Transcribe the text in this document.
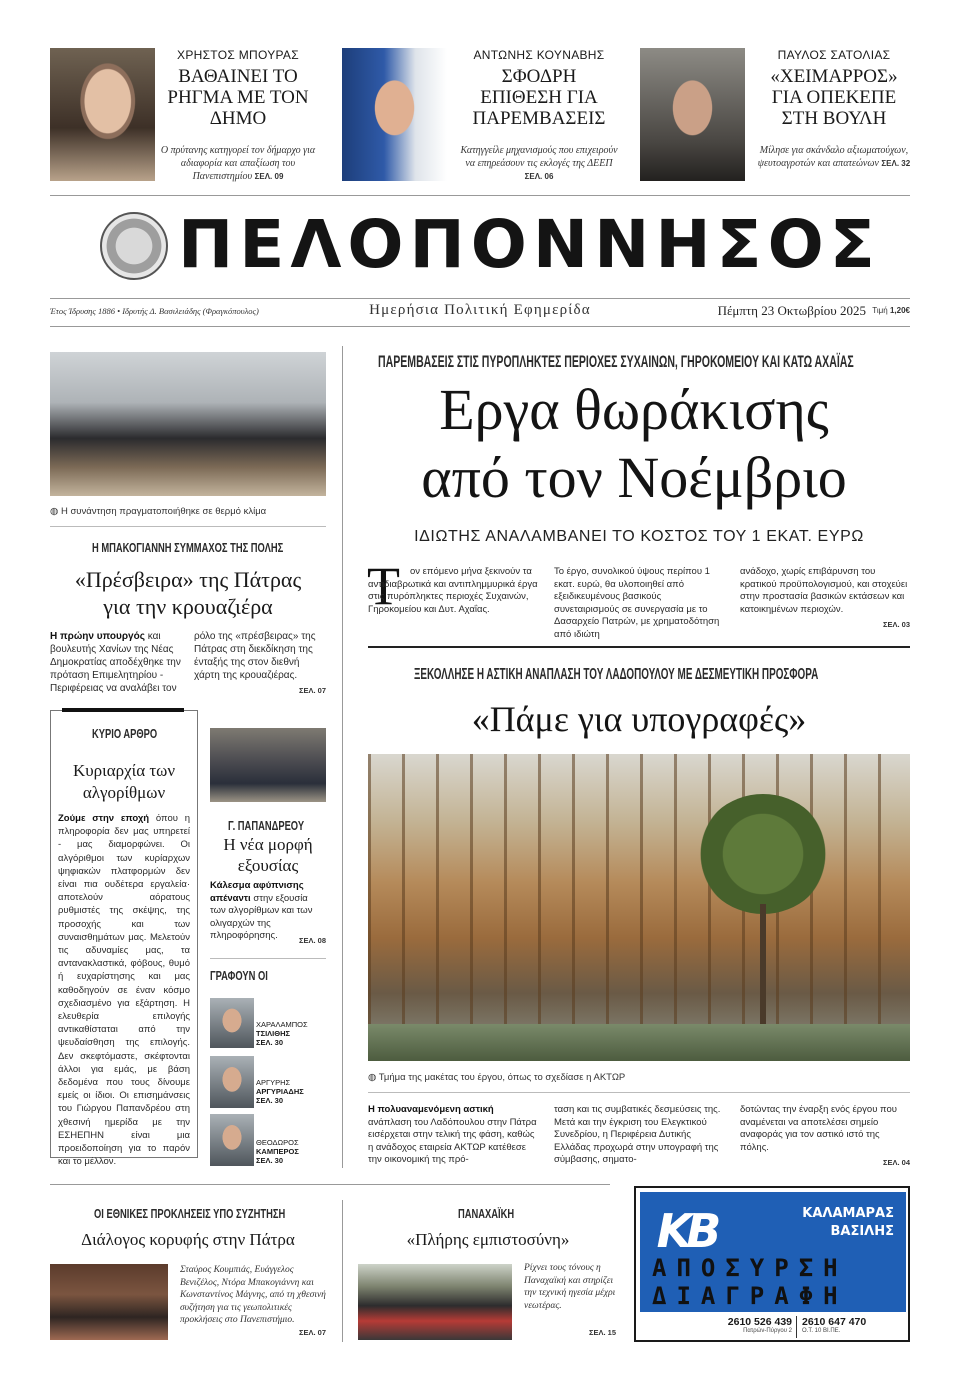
ΧΡΗΣΤΟΣ ΜΠΟΥΡΑΣ
ΒΑΘΑΙΝΕΙ ΤΟ ΡΗΓΜΑ ΜΕ ΤΟΝ ΔΗΜΟ
Ο πρύτανης κατηγορεί τον δήμαρχο για αδιαφορία και απαξίωση του Πανεπιστημίου ΣΕΛ. 09
ΑΝΤΩΝΗΣ ΚΟΥΝΑΒΗΣ
ΣΦΟΔΡΗ ΕΠΙΘΕΣΗ ΓΙΑ ΠΑΡΕΜΒΑΣΕΙΣ
Κατηγγείλε μηχανισμούς που επιχειρούν να επηρεάσουν τις εκλογές της ΔΕΕΠ ΣΕΛ. 06
ΠΑΥΛΟΣ ΣΑΤΟΛΙΑΣ
«ΧΕΙΜΑΡΡΟΣ» ΓΙΑ ΟΠΕΚΕΠΕ ΣΤΗ ΒΟΥΛΗ
Μίλησε για σκάνδαλο αξιωματούχων, ψευτοαγροτών και απατεώνων ΣΕΛ. 32
ΠΕΛΟΠΟΝΝΗΣΟΣ
Έτος Ίδρυσης 1886 • Ιδρυτής Δ. Βασιλειάδης (Φραγκόπουλος)	Ημερήσια Πολιτική Εφημερίδα	Πέμπτη 23 Οκτωβρίου 2025 Τιμή 1,20€
◍ Η συνάντηση πραγματοποιήθηκε σε θερμό κλίμα
Η ΜΠΑΚΟΓΙΑΝΝΗ ΣΥΜΜΑΧΟΣ ΤΗΣ ΠΟΛΗΣ
«Πρέσβειρα» της Πάτρας
για την κρουαζιέρα
Η πρώην υπουργός και βουλευτής Χανίων της Νέας Δημοκρατίας αποδέχθηκε την πρόταση Επιμελητηρίου - Περιφέρειας να αναλάβει τον
ρόλο της «πρέσβειρας» της Πάτρας στη διεκδίκηση της ένταξής της στον διεθνή χάρτη της κρουαζιέρας.
ΣΕΛ. 07
ΚΥΡΙΟ ΑΡΘΡΟ
Κυριαρχία των
αλγορίθμων
Ζούμε στην εποχή όπου η πληροφορία δεν μας υπηρετεί - μας διαμορφώνει. Οι αλγόριθμοι των κυρίαρχων ψηφιακών πλατφορμών δεν είναι πια ουδέτερα εργαλεία· αποτελούν αόρατους ρυθμιστές της σκέψης, της προσοχής και των συναισθημάτων μας. Μελετούν τις αδυναμίες μας, τα αντανακλαστικά, φόβους, θυμό ή ευχαρίστησης και μας καθοδηγούν σε έναν κόσμο σχεδιασμένο για εξάρτηση. Η ελευθερία επιλογής αντικαθίσταται από την ψευδαίσθηση της επιλογής. Δεν σκεφτόμαστε, σκέφτονται άλλοι για εμάς, με βάση δεδομένα που τους δίνουμε εμείς οι ίδιοι. Οι επισημάνσεις του Γιώργου Παπανδρέου στη χθεσινή ημερίδα με την ΕΣΗΕΠΗΝ είναι μια προειδοποίηση για το παρόν και το μέλλον.
Γ. ΠΑΠΑΝΔΡΕΟΥ
Η νέα μορφή
εξουσίας
Κάλεσμα αφύπνισης απέναντι στην εξουσία των αλγορίθμων και των ολιγαρχών της πληροφόρησης.	ΣΕΛ. 08
ΓΡΑΦΟΥΝ ΟΙ
ΧΑΡΑΛΑΜΠΟΣ
ΤΣΙΛΙΘΗΣ
ΣΕΛ. 30
ΑΡΓΥΡΗΣ
ΑΡΓΥΡΙΑΔΗΣ
ΣΕΛ. 30
ΘΕΟΔΩΡΟΣ
ΚΑΜΠΕΡΟΣ
ΣΕΛ. 30
ΠΑΡΕΜΒΑΣΕΙΣ ΣΤΙΣ ΠΥΡΟΠΛΗΚΤΕΣ ΠΕΡΙΟΧΕΣ ΣΥΧΑΙΝΩΝ, ΓΗΡΟΚΟΜΕΙΟΥ ΚΑΙ ΚΑΤΩ ΑΧΑΪΑΣ
Εργα θωράκισης
από τον Νοέμβριο
ΙΔΙΩΤΗΣ ΑΝΑΛΑΜΒΑΝΕΙ ΤΟ ΚΟΣΤΟΣ ΤΟΥ 1 ΕΚΑΤ. ΕΥΡΩ
Τ	ον επόμενο μήνα ξεκινούν τα αντιδιαβρωτικά και αντιπλημμυρικά έργα στις πυρόπληκτες περιοχές Συχαινών, Γηροκομείου και Δυτ. Αχαΐας.
Το έργο, συνολικού ύψους περίπου 1 εκατ. ευρώ, θα υλοποιηθεί από εξειδικευμένους βασικούς συνεταιρισμούς σε συνεργασία με το Δασαρχείο Πατρών, με χρηματοδότηση από ιδιώτη
ανάδοχο, χωρίς επιβάρυνση του κρατικού προϋπολογισμού, και στοχεύει στην προστασία βασικών εκτάσεων και κατοικημένων περιοχών.
ΣΕΛ. 03
ΞΕΚΟΛΛΗΣΕ Η ΑΣΤΙΚΗ ΑΝΑΠΛΑΣΗ ΤΟΥ ΛΑΔΟΠΟΥΛΟΥ ΜΕ ΔΕΣΜΕΥΤΙΚΗ ΠΡΟΣΦΟΡΑ
«Πάμε για υπογραφές»
◍ Τμήμα της μακέτας του έργου, όπως το σχεδίασε η ΑΚΤΩΡ
Η πολυαναμενόμενη αστική ανάπλαση του Λαδόπουλου στην Πάτρα εισέρχεται στην τελική της φάση, καθώς η ανάδοχος εταιρεία ΑΚΤΩΡ κατέθεσε την οικονομική της πρό-
ταση και τις συμβατικές δεσμεύσεις της. Μετά και την έγκριση του Ελεγκτικού Συνεδρίου, η Περιφέρεια Δυτικής Ελλάδας προχωρά στην υπογραφή της σύμβασης, σηματο-
δοτώντας την έναρξη ενός έργου που αναμένεται να αποτελέσει σημείο αναφοράς για τον αστικό ιστό της πόλης.
ΣΕΛ. 04
ΟΙ ΕΘΝΙΚΕΣ ΠΡΟΚΛΗΣΕΙΣ ΥΠΟ ΣΥΖΗΤΗΣΗ
Διάλογος κορυφής στην Πάτρα
Σταύρος Κουμπιάς, Ευάγγελος Βενιζέλος, Ντόρα Μπακογιάννη και Κωνσταντίνος Μάγνης, από τη χθεσινή συζήτηση για τις γεωπολιτικές προκλήσεις στο Πανεπιστήμιο.
ΣΕΛ. 07
ΠΑΝΑΧΑΪΚΗ
«Πλήρης εμπιστοσύνη»
Ρίχνει τους τόνους η Παναχαϊκή και στηρίζει την τεχνική ηγεσία μέχρι νεωτέρας.
ΣΕΛ. 15
KB	ΚΑΛΑΜΑΡΑΣ
ΒΑΣΙΛΗΣ
ΑΠΟΣΥΡΣΗ
ΔΙΑΓΡΑΦΗ
2610 526 439
Πατρών-Πύργου 2
2610 647 470
Ο.Τ. 10 ΒΙ.ΠΕ.
